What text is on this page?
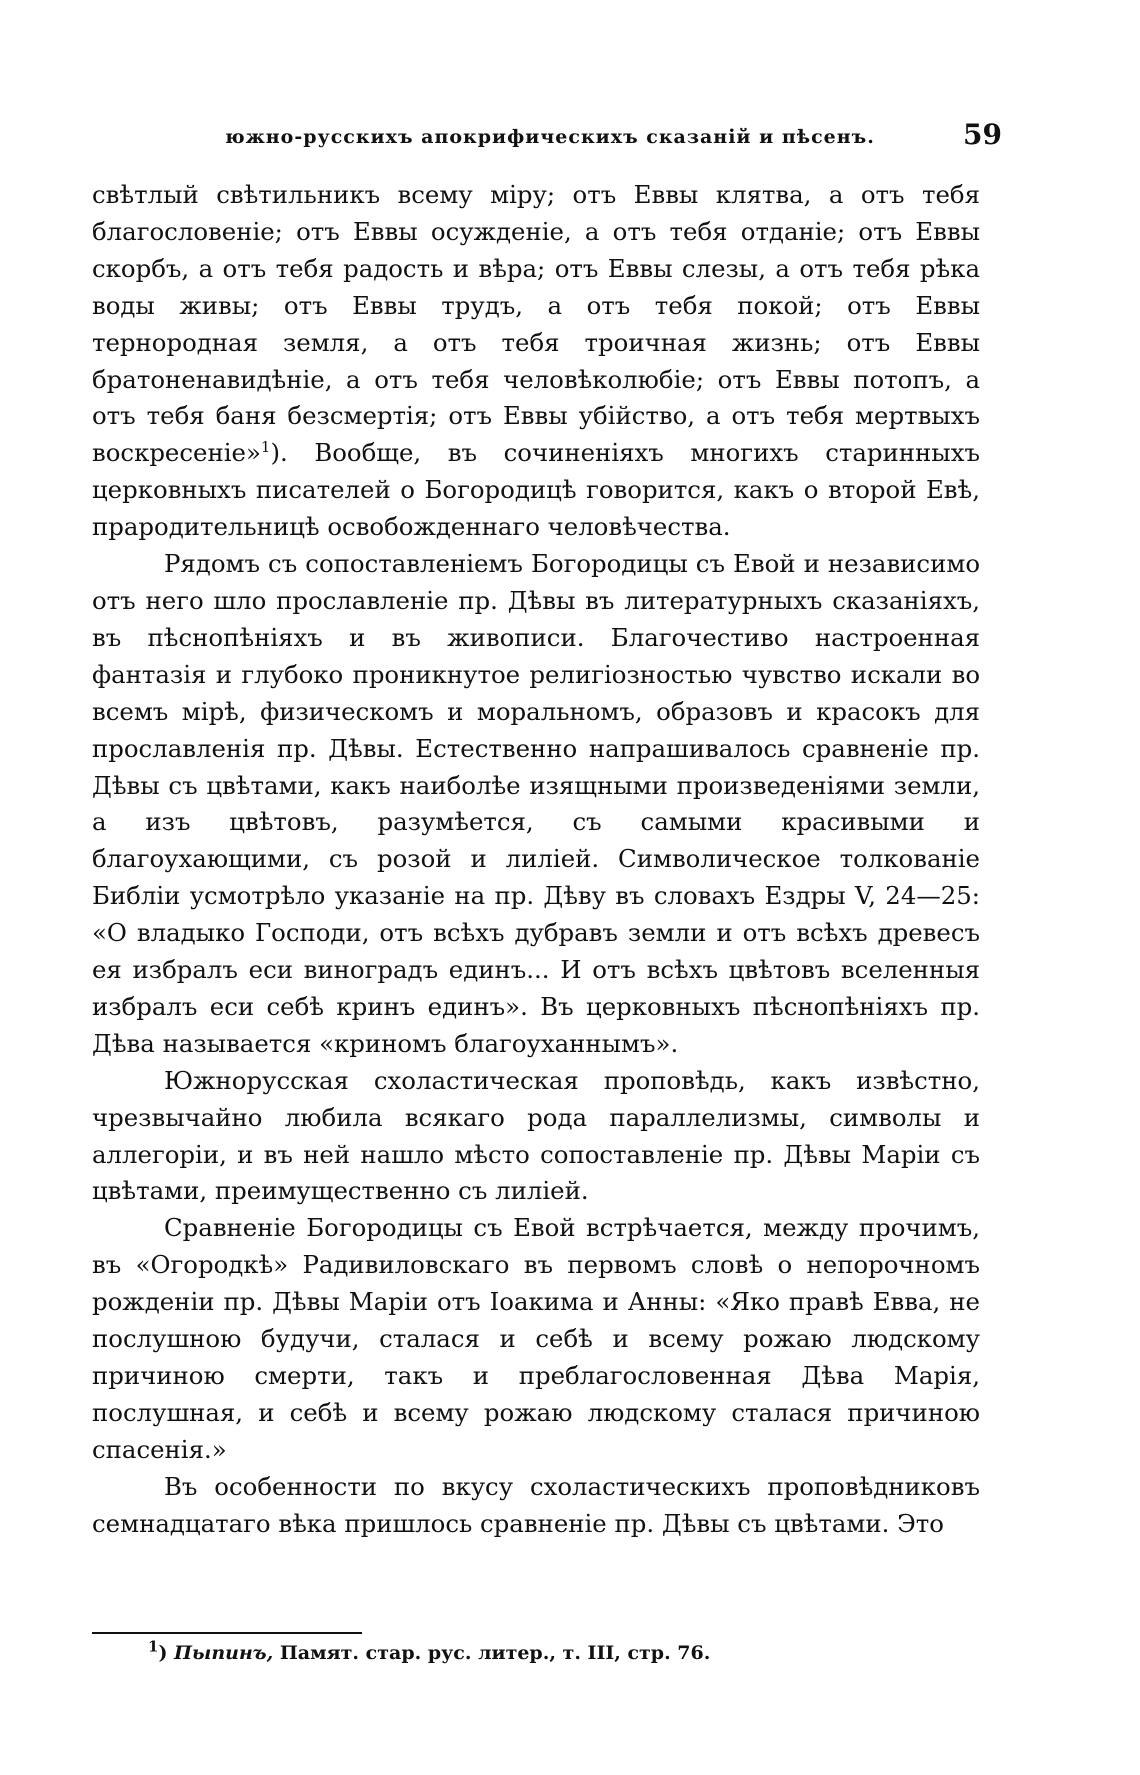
южно-русскихъ апокрифическихъ сказаній и пѣсенъ.	59

свѣтлый свѣтильникъ всему міру; отъ Еввы клятва, а отъ тебя благословеніе; отъ Еввы осужденіе, а отъ тебя отданіе; отъ Еввы скорбъ, а отъ тебя радость и вѣра; отъ Еввы слезы, а отъ тебя рѣка воды живы; отъ Еввы трудъ, а отъ тебя покой; отъ Еввы тернородная земля, а отъ тебя троичная жизнь; отъ Еввы братоненавидѣніе, а отъ тебя человѣколюбіе; отъ Еввы потопъ, а отъ тебя баня безсмертія; отъ Еввы убійство, а отъ тебя мертвыхъ воскресеніе»$^1$). Вообще, въ сочиненіяхъ многихъ старинныхъ церковныхъ писателей о Богородицѣ говорится, какъ о второй Евѣ, прародительницѣ освобожденнаго человѣчества.

Рядомъ съ сопоставленіемъ Богородицы съ Евой и независимо отъ него шло прославленіе пр. Дѣвы въ литературныхъ сказаніяхъ, въ пѣснопѣніяхъ и въ живописи. Благочестиво настроенная фантазія и глубоко проникнутое религіозностью чувство искали во всемъ мірѣ, физическомъ и моральномъ, образовъ и красокъ для прославленія пр. Дѣвы. Естественно напрашивалось сравненіе пр. Дѣвы съ цвѣтами, какъ наиболѣе изящными произведеніями земли, а изъ цвѣтовъ, разумѣется, съ самыми красивыми и благоухающими, съ розой и лиліей. Символическое толкованіе Библіи усмотрѣло указаніе на пр. Дѣву въ словахъ Ездры V, 24—25: «О владыко Господи, отъ всѣхъ дубравъ земли и отъ всѣхъ древесъ ея избралъ еси виноградъ единъ... И отъ всѣхъ цвѣтовъ вселенныя избралъ еси себѣ кринъ единъ». Въ церковныхъ пѣснопѣніяхъ пр. Дѣва называется «криномъ благоуханнымъ».

Южнорусская схоластическая проповѣдь, какъ извѣстно, чрезвычайно любила всякаго рода параллелизмы, символы и аллегоріи, и въ ней нашло мѣсто сопоставленіе пр. Дѣвы Маріи съ цвѣтами, преимущественно съ лиліей.

Сравненіе Богородицы съ Евой встрѣчается, между прочимъ, въ «Огородкѣ» Радивиловскаго въ первомъ словѣ о непорочномъ рожденіи пр. Дѣвы Маріи отъ Іоакима и Анны: «Яко правѣ Евва, не послушною будучи, сталася и себѣ и всему рожаю людскому причиною смерти, такъ и преблагословенная Дѣва Марія, послушная, и себѣ и всему рожаю людскому сталася причиною спасенія.»

Въ особенности по вкусу схоластическихъ проповѣдниковъ семнадцатаго вѣка пришлось сравненіе пр. Дѣвы съ цвѣтами. Это

$^1$) Пыпинъ, Памят. стар. рус. литер., т. III, стр. 76.
